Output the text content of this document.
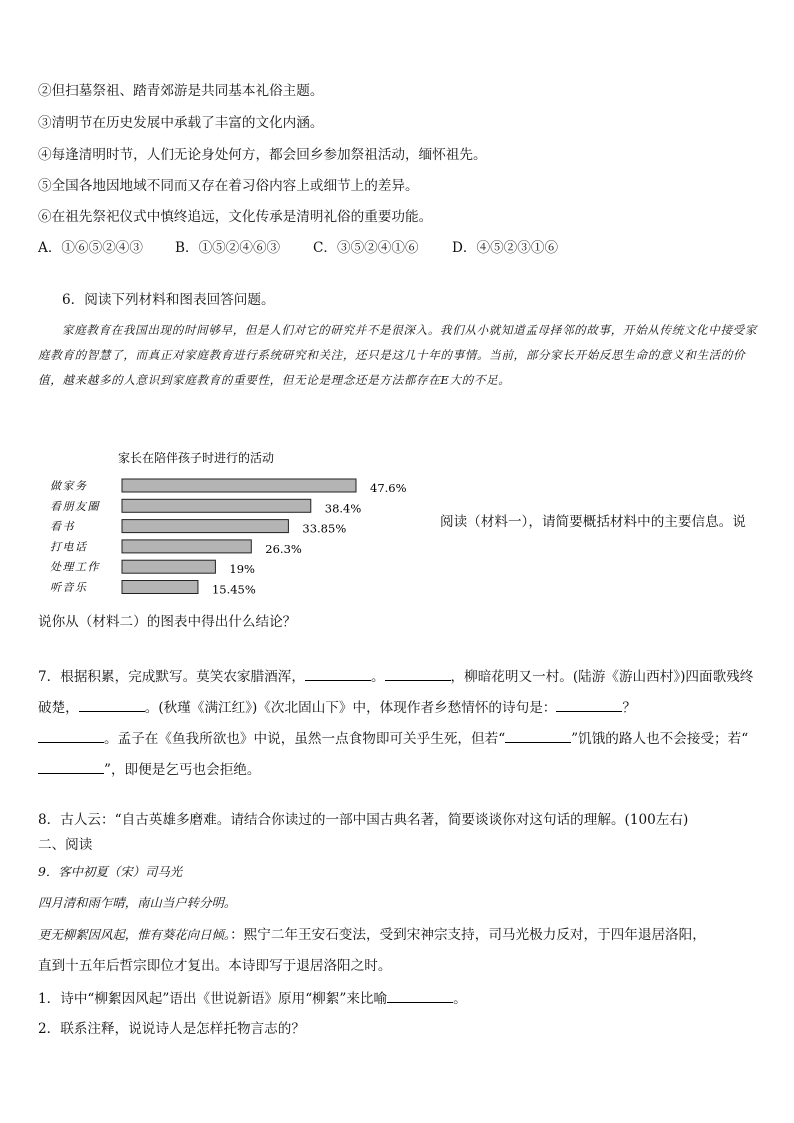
②但扫墓祭祖、踏青郊游是共同基本礼俗主题。
③清明节在历史发展中承载了丰富的文化内涵。
④每逢清明时节，人们无论身处何方，都会回乡参加祭祖活动，缅怀祖先。
⑤全国各地因地域不同而又存在着习俗内容上或细节上的差异。
⑥在祖先祭祀仪式中慎终追远，文化传承是清明礼俗的重要功能。
A．①⑥⑤②④③ B．①⑤②④⑥③ C．③⑤②④①⑥ D．④⑤②③①⑥
6．阅读下列材料和图表回答问题。
家庭教育在我国出现的时间够早，但是人们对它的研究并不是很深入。我们从小就知道孟母择邻的故事，开始从传统文化中接受家庭教育的智慧了，而真正对家庭教育进行系统研究和关注，还只是这几十年的事情。当前，部分家长开始反思生命的意义和生活的价值，越来越多的人意识到家庭教育的重要性，但无论是理念还是方法都存在E大的不足。
家长在陪伴孩子时进行的活动
做家务	47.6%
看朋友圈	38.4%
看书	33.85%
打电话	26.3%
处理工作	19%
听音乐	15.45%
阅读（材料一），请简要概括材料中的主要信息。说
说你从（材料二）的图表中得出什么结论？
7．根据积累，完成默写。莫笑农家腊酒浑，	。	，柳暗花明又一村。(陆游《游山西村》)四面歌残终破楚，	。(秋瑾《满江红》)《次北固山下》中，体现作者乡愁情怀的诗句是：	？
。孟子在《鱼我所欲也》中说，虽然一点食物即可关乎生死，但若“	”饥饿的路人也不会接受；若“”，即便是乞丐也会拒绝。
8．古人云：“自古英雄多磨难。请结合你读过的一部中国古典名著，简要谈谈你对这句话的理解。(100左右)
二、阅读
9．客中初夏（宋）司马光
四月清和雨乍晴，南山当户转分明。
更无柳絮因风起，惟有葵花向日倾。：熙宁二年王安石变法，受到宋神宗支持，司马光极力反对，于四年退居洛阳，
直到十五年后哲宗即位才复出。本诗即写于退居洛阳之时。
1．诗中“柳絮因风起”语出《世说新语》原用“柳絮”来比喻	。
2．联系注释，说说诗人是怎样托物言志的？
